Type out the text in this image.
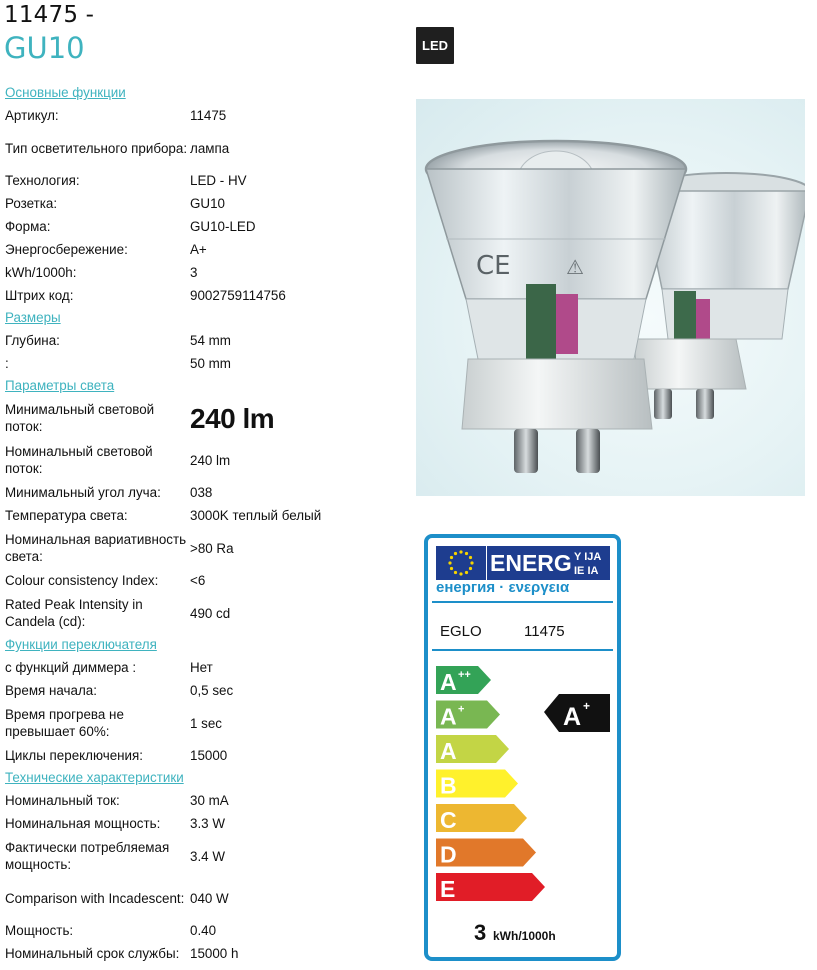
11475 -
GU10	LED
Основные функции
Артикул:	11475
Тип осветительного прибора: лампа
Технология:	LED - HV
Розетка:	GU10
Форма:	GU10-LED
Энергосбережение:	A+
kWh/1000h:	3
Штрих код:	9002759114756
Размеры
Глубина:	54 mm
:	50 mm
Параметры света
Минимальный световой поток:	240 lm
Номинальный световой поток:
240 lm
Минимальный угол луча:	038
Температура света:	3000K теплый белый
Номинальная вариативность света:
>80 Ra
Colour consistency Index:	<6
Rated Peak Intensity in Candela (cd):
490 cd
Функции переключателя
с функций диммера :	Нет
Время начала:	0,5 sec
Время прогрева не превышает 60%:
1 sec
Циклы переключения:	15000
Технические характеристики
Номинальный ток:	30 mA
Номинальная мощность:	3.3 W
Фактически потребляемая мощность:
3.4 W
Comparison with Incadescent: 040 W
Мощность:	0.40
Номинальный срок службы: 15000 h
CE	⚠
ENERG Y IJA
IE IA
енергия · ενεργεια
EGLO	11475
A ++
A +
A
B
C
D
E
A +
3 kWh/1000h
